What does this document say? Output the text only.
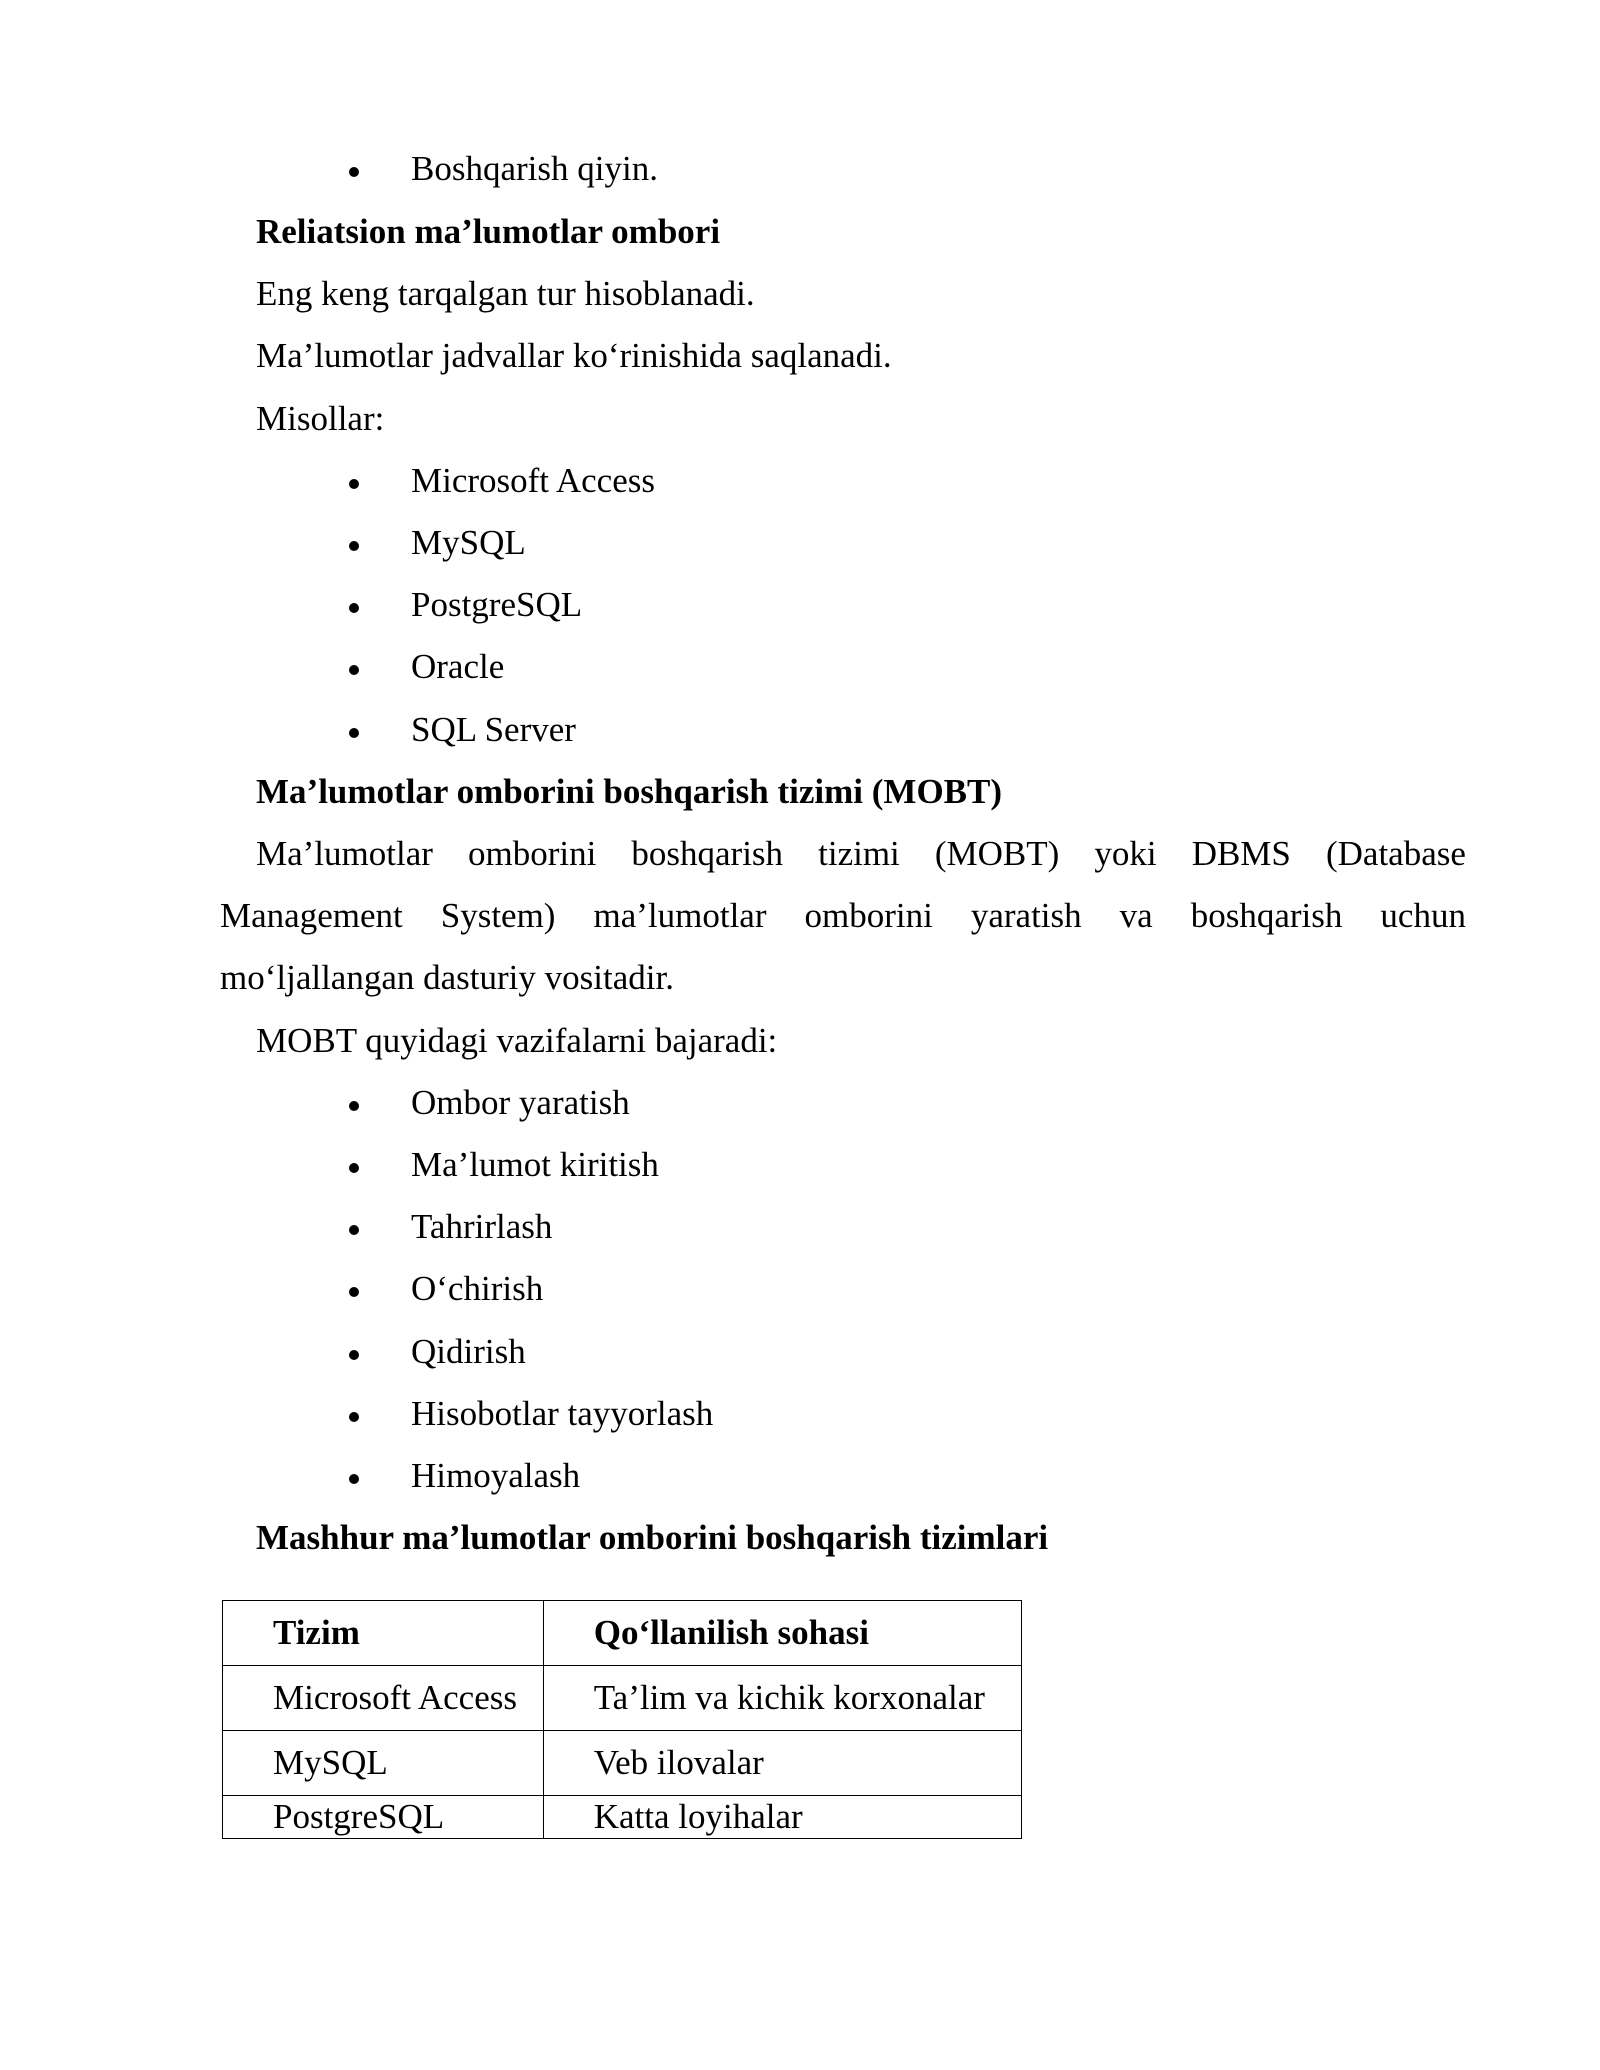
Boshqarish qiyin.
Reliatsion ma’lumotlar ombori
Eng keng tarqalgan tur hisoblanadi.
Ma’lumotlar jadvallar ko‘rinishida saqlanadi.
Misollar:
Microsoft Access
MySQL
PostgreSQL
Oracle
SQL Server
Ma’lumotlar omborini boshqarish tizimi (MOBT)
Ma’lumotlar omborini boshqarish tizimi (MOBT) yoki DBMS (Database
Management System) ma’lumotlar omborini yaratish va boshqarish uchun
mo‘ljallangan dasturiy vositadir.
MOBT quyidagi vazifalarni bajaradi:
Ombor yaratish
Ma’lumot kiritish
Tahrirlash
O‘chirish
Qidirish
Hisobotlar tayyorlash
Himoyalash
Mashhur ma’lumotlar omborini boshqarish tizimlari
Tizim	Qo‘llanilish sohasi

Microsoft Access	Ta’lim va kichik korxonalar

MySQL	Veb ilovalar

PostgreSQL	Katta loyihalar
